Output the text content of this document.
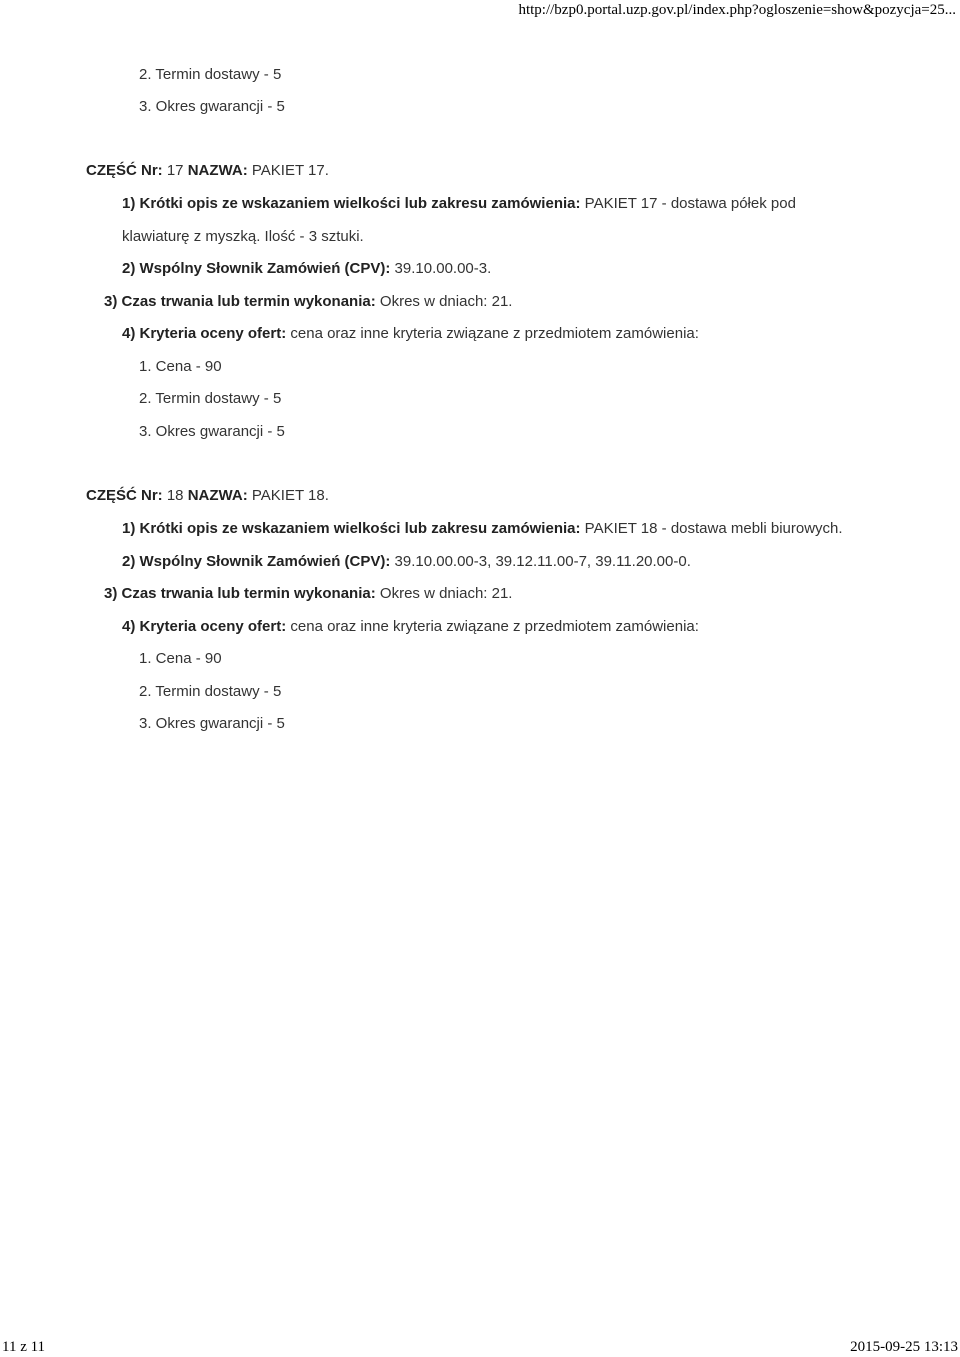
http://bzp0.portal.uzp.gov.pl/index.php?ogloszenie=show&pozycja=25...
2. Termin dostawy - 5
3. Okres gwarancji - 5
CZĘŚĆ Nr: 17 NAZWA: PAKIET 17.
1) Krótki opis ze wskazaniem wielkości lub zakresu zamówienia: PAKIET 17 - dostawa półek pod
klawiaturę z myszką. Ilość - 3 sztuki.
2) Wspólny Słownik Zamówień (CPV): 39.10.00.00-3.
3) Czas trwania lub termin wykonania: Okres w dniach: 21.
4) Kryteria oceny ofert: cena oraz inne kryteria związane z przedmiotem zamówienia:
1. Cena - 90
2. Termin dostawy - 5
3. Okres gwarancji - 5
CZĘŚĆ Nr: 18 NAZWA: PAKIET 18.
1) Krótki opis ze wskazaniem wielkości lub zakresu zamówienia: PAKIET 18 - dostawa mebli biurowych.
2) Wspólny Słownik Zamówień (CPV): 39.10.00.00-3, 39.12.11.00-7, 39.11.20.00-0.
3) Czas trwania lub termin wykonania: Okres w dniach: 21.
4) Kryteria oceny ofert: cena oraz inne kryteria związane z przedmiotem zamówienia:
1. Cena - 90
2. Termin dostawy - 5
3. Okres gwarancji - 5
11 z 11	2015-09-25 13:13
